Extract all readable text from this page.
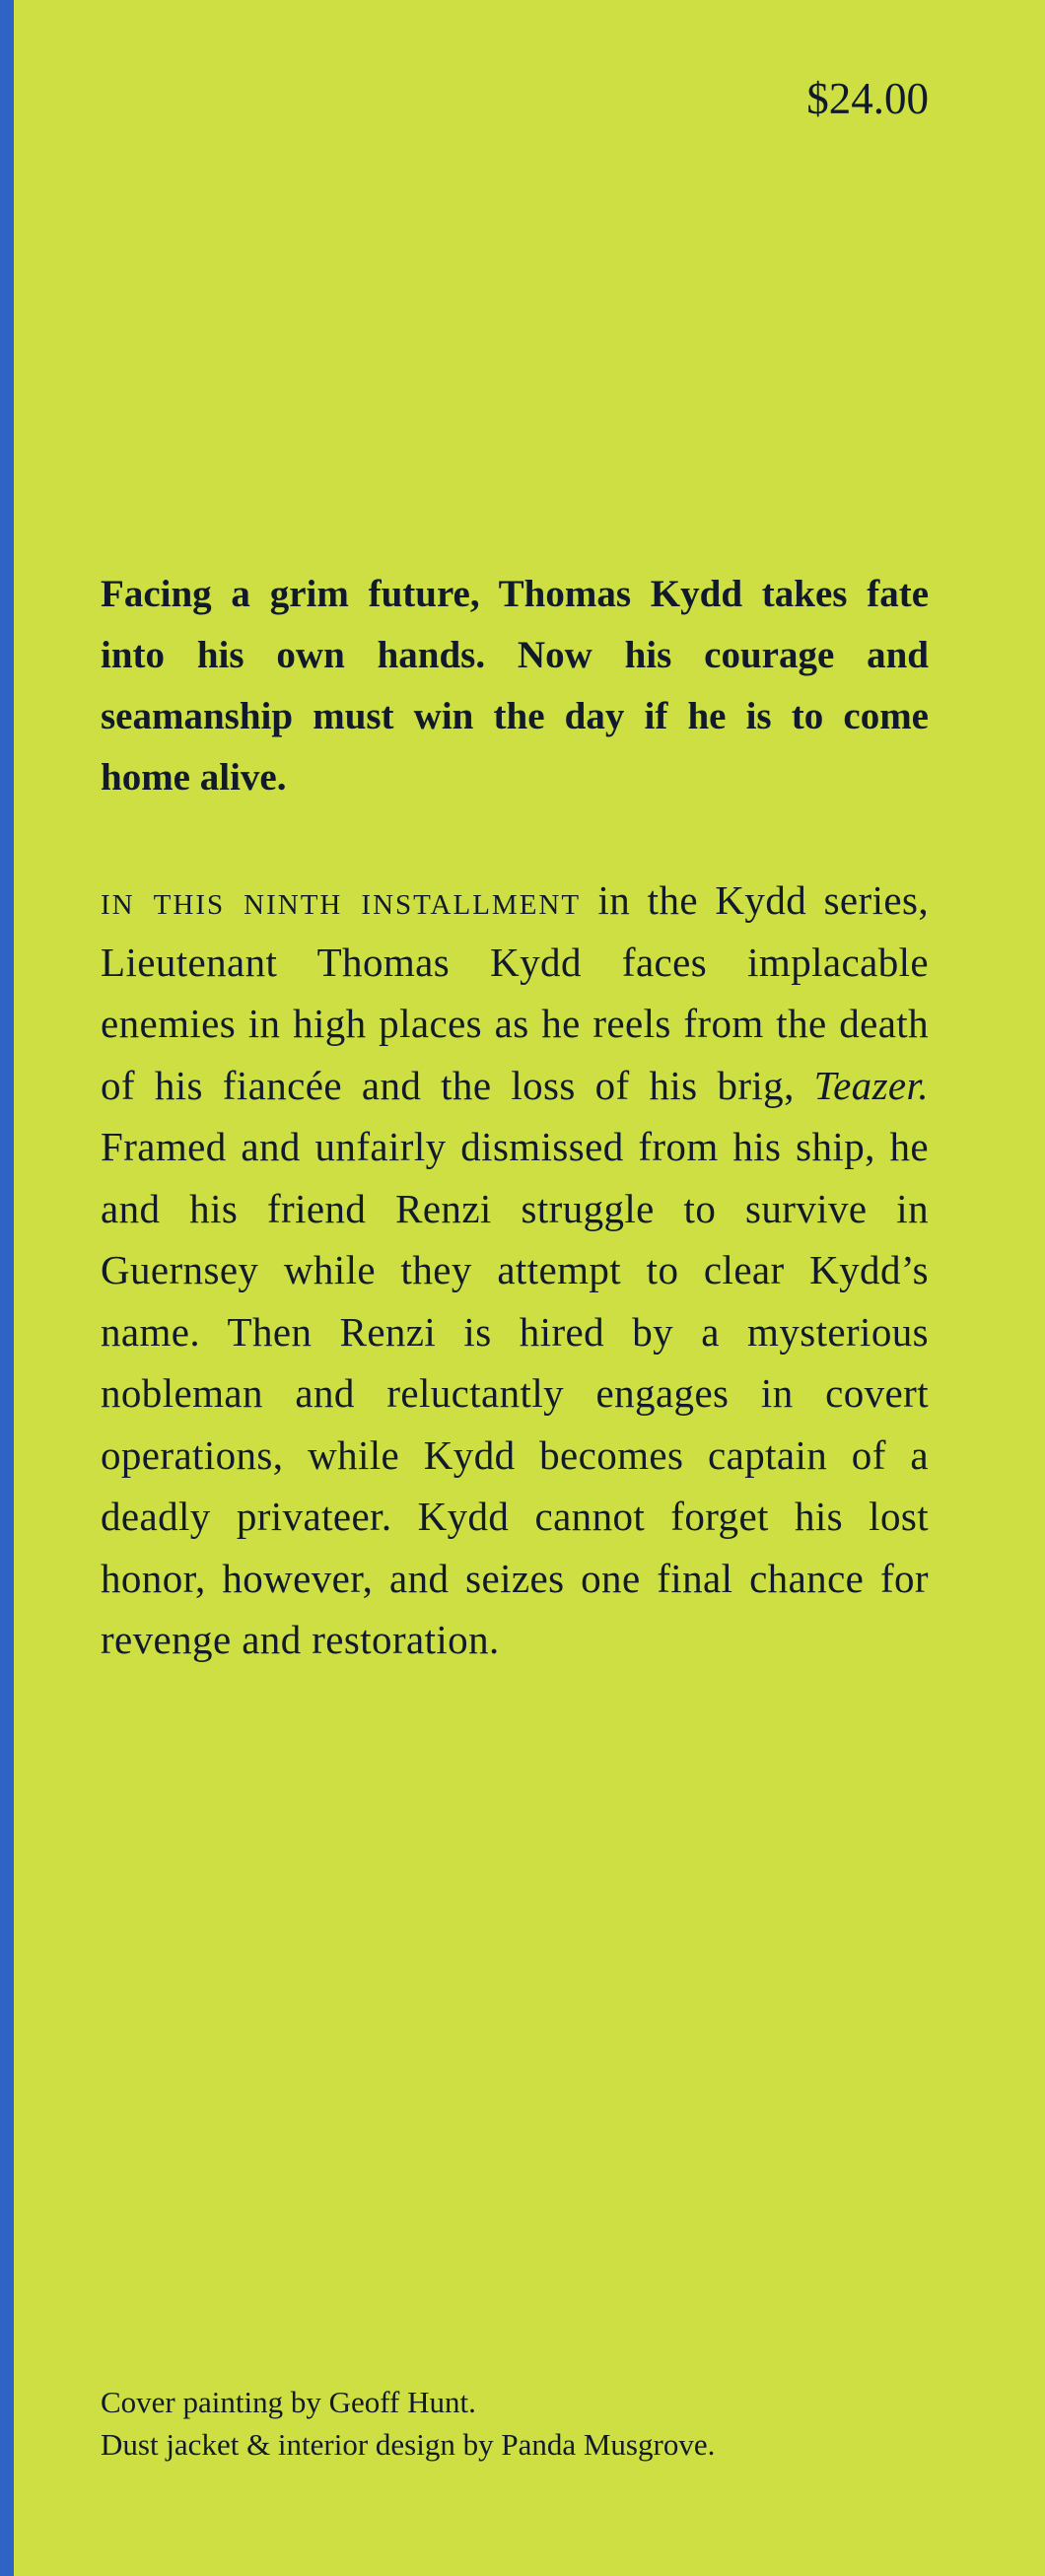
$24.00

Facing a grim future, Thomas Kydd takes fate into his own hands. Now his courage and seamanship must win the day if he is to come home alive.

in this ninth installment in the Kydd series, Lieutenant Thomas Kydd faces implacable enemies in high places as he reels from the death of his fiancée and the loss of his brig, Teazer. Framed and unfairly dismissed from his ship, he and his friend Renzi struggle to survive in Guernsey while they attempt to clear Kydd’s name. Then Renzi is hired by a mysterious nobleman and reluctantly engages in covert operations, while Kydd becomes captain of a deadly privateer. Kydd cannot forget his lost honor, however, and seizes one final chance for revenge and restoration.

Cover painting by Geoff Hunt.
Dust jacket & interior design by Panda Musgrove.
